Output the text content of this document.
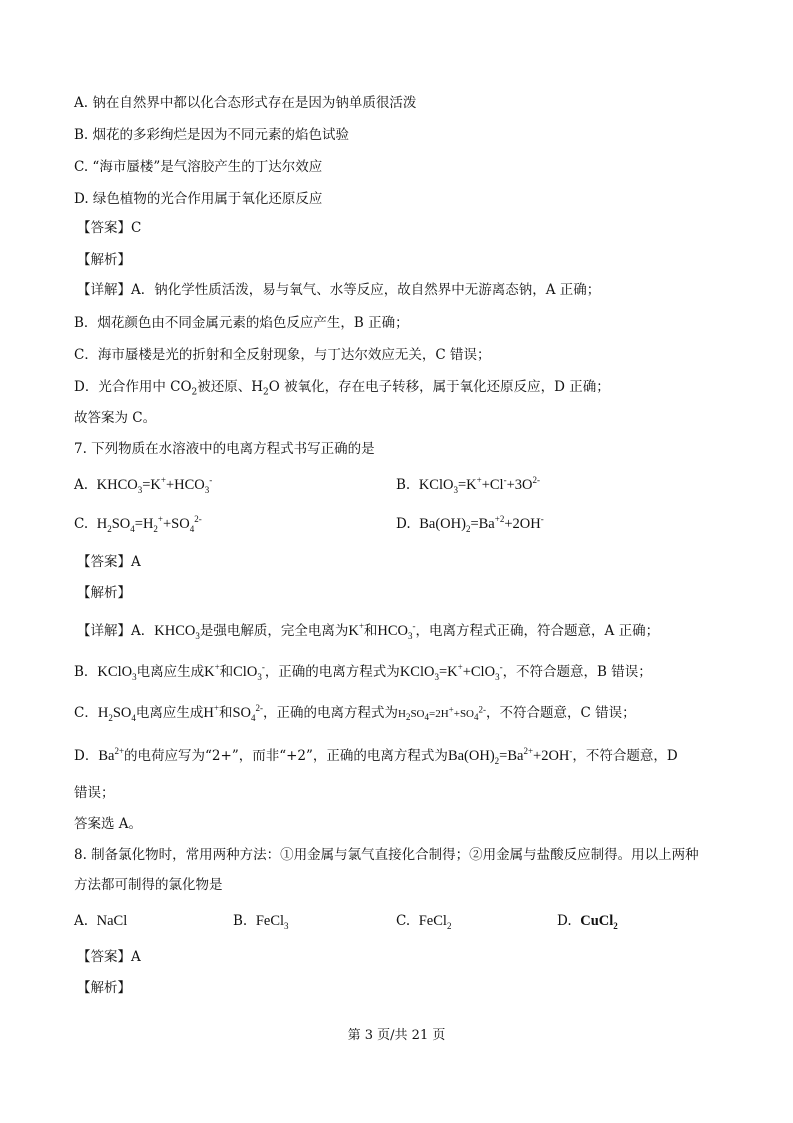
A. 钠在自然界中都以化合态形式存在是因为钠单质很活泼

B. 烟花的多彩绚烂是因为不同元素的焰色试验

C. “海市蜃楼”是气溶胶产生的丁达尔效应

D. 绿色植物的光合作用属于氧化还原反应

【答案】C

【解析】

【详解】A．钠化学性质活泼，易与氧气、水等反应，故自然界中无游离态钠，A 正确；

B．烟花颜色由不同金属元素的焰色反应产生，B 正确；

C．海市蜃楼是光的折射和全反射现象，与丁达尔效应无关，C 错误；

D．光合作用中 $CO_2$被还原、$H_2O$ 被氧化，存在电子转移，属于氧化还原反应，D 正确；

故答案为 C。

7. 下列物质在水溶液中的电离方程式书写正确的是

A. $KHCO_3=K^++HCO_3^-$	B. $KClO_3=K^++Cl^-+3O^{2-}$

C. $H_2SO_4=H_2^++SO_4^{2-}$	D. $Ba(OH)_2=Ba^{+2}+2OH^-$

【答案】A

【解析】

【详解】A．$KHCO_3$是强电解质，完全电离为K+和$HCO_3^-$，电离方程式正确，符合题意，A 正确；

B．KClO$_3$电离应生成K+和ClO$_3$-，正确的电离方程式为KClO$_3$=K++ClO$_3$-，不符合题意，B 错误；

C．$H_2SO_4$电离应生成H+和$SO_4^{2-}$，正确的电离方程式为$H_2SO_4=2H^++SO_4^{2-}$，不符合题意，C 错误；

D．$Ba^{2+}$的电荷应写为“2+”，而非“+2”，正确的电离方程式为$Ba(OH)_2=Ba^{2+}+2OH^-$，不符合题意，D

错误；

答案选 A。

8. 制备氯化物时，常用两种方法：①用金属与氯气直接化合制得；②用金属与盐酸反应制得。用以上两种

方法都可制得的氯化物是

A. NaCl	B. FeCl$_3$	C. FeCl$_2$	D. CuCl$_2$

【答案】A

【解析】

第 3 页/共 21 页
